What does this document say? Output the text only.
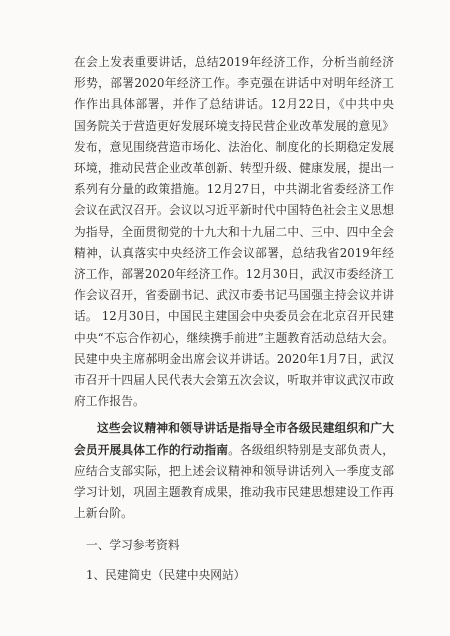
在会上发表重要讲话，总结2019年经济工作，分析当前经济形势，部署2020年经济工作。李克强在讲话中对明年经济工作作出具体部署，并作了总结讲话。12月22日，《中共中央 国务院关于营造更好发展环境支持民营企业改革发展的意见》发布，意见围绕营造市场化、法治化、制度化的长期稳定发展环境，推动民营企业改革创新、转型升级、健康发展，提出一系列有分量的政策措施。12月27日，中共湖北省委经济工作会议在武汉召开。会议以习近平新时代中国特色社会主义思想为指导，全面贯彻党的十九大和十九届二中、三中、四中全会精神，认真落实中央经济工作会议部署，总结我省2019年经济工作，部署2020年经济工作。12月30日，武汉市委经济工作会议召开，省委副书记、武汉市委书记马国强主持会议并讲话。 12月30日，中国民主建国会中央委员会在北京召开民建中央“不忘合作初心，继续携手前进”主题教育活动总结大会。民建中央主席郝明金出席会议并讲话。2020年1月7日，武汉市召开十四届人民代表大会第五次会议，听取并审议武汉市政府工作报告。

这些会议精神和领导讲话是指导全市各级民建组织和广大会员开展具体工作的行动指南。各级组织特别是支部负责人，应结合支部实际，把上述会议精神和领导讲话列入一季度支部学习计划，巩固主题教育成果，推动我市民建思想建设工作再上新台阶。

一、学习参考资料
1、民建简史（民建中央网站）
